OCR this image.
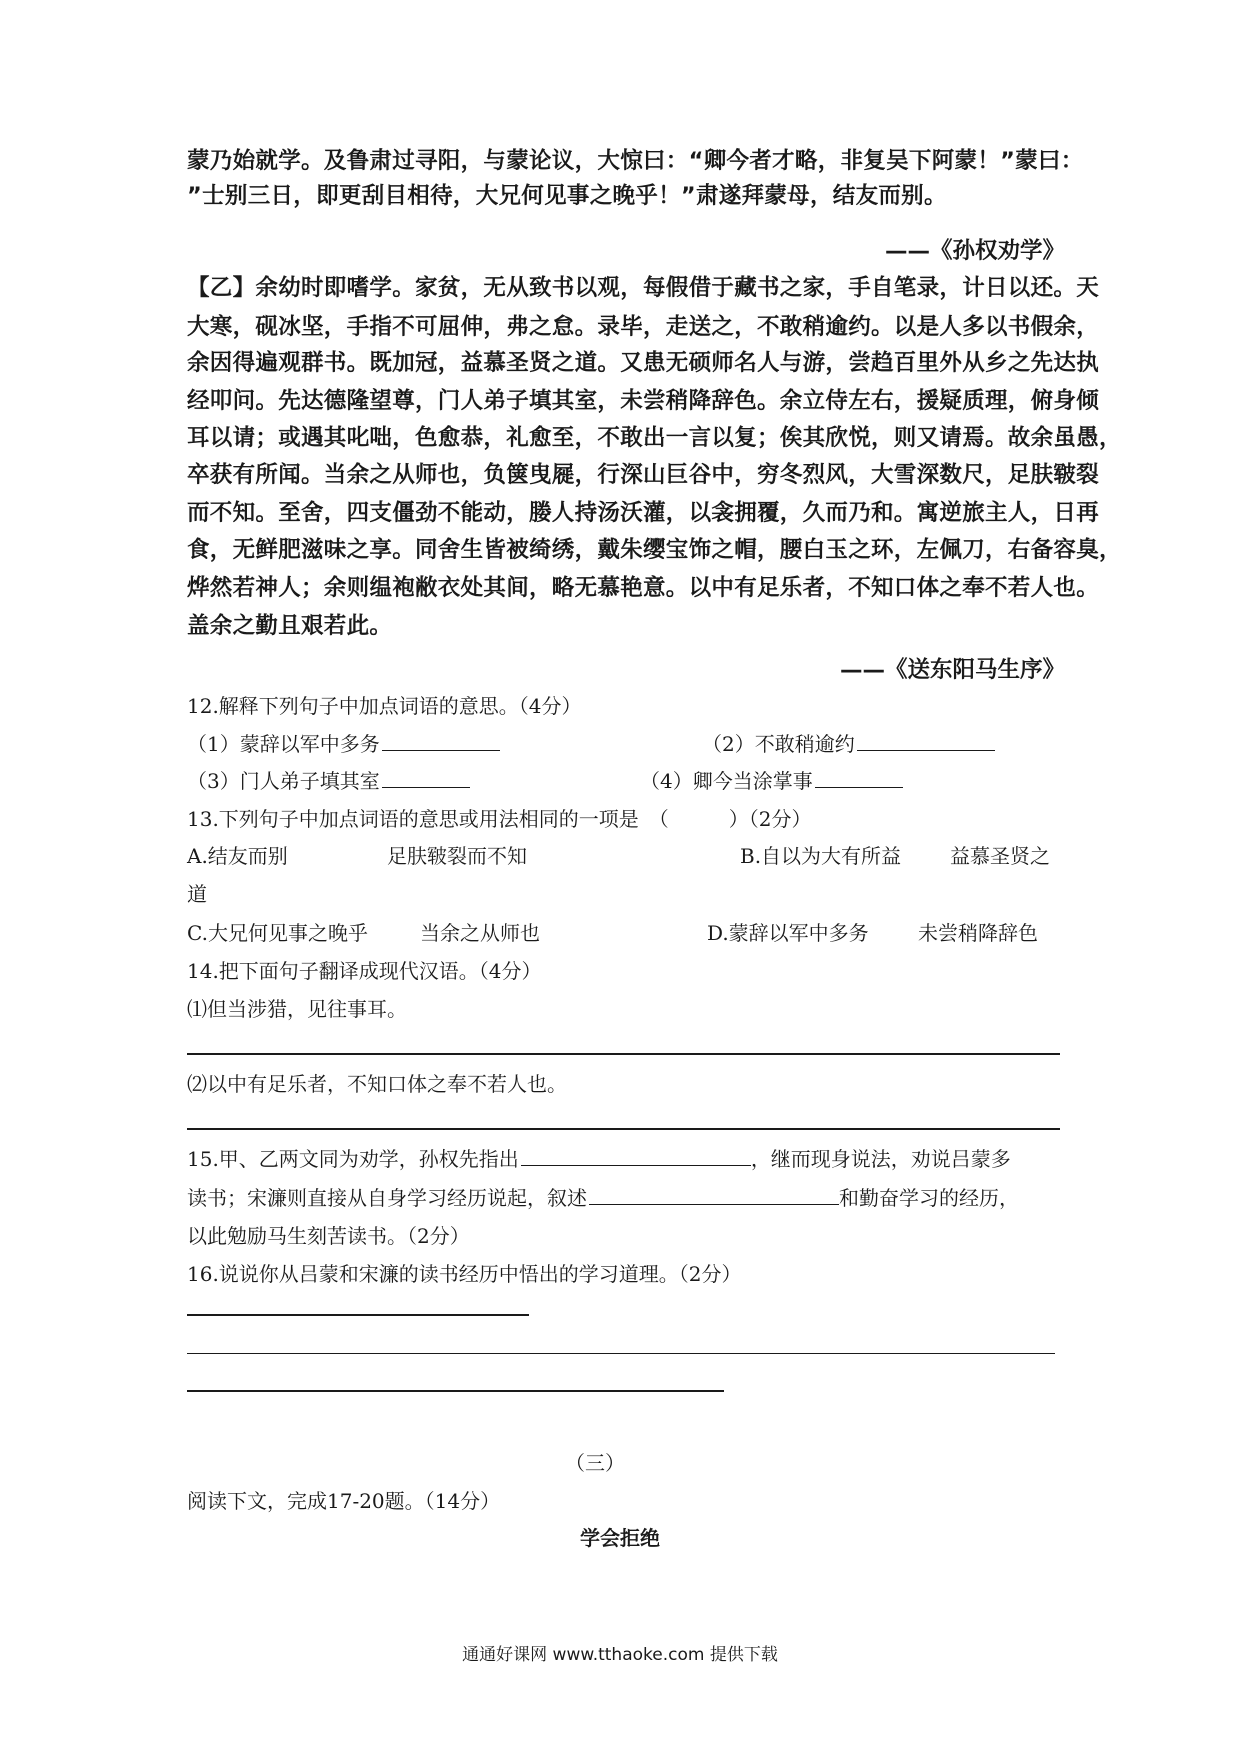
蒙乃始就学。及鲁肃过寻阳，与蒙论议，大惊曰：“卿今者才略，非复吴下阿蒙！”蒙曰：
”士别三日，即更刮目相待，大兄何见事之晚乎！”肃遂拜蒙母，结友而别。
——《孙权劝学》
【乙】余幼时即嗜学。家贫，无从致书以观，每假借于藏书之家，手自笔录，计日以还。天
大寒，砚冰坚，手指不可屈伸，弗之怠。录毕，走送之，不敢稍逾约。以是人多以书假余，
余因得遍观群书。既加冠，益慕圣贤之道。又患无硕师名人与游，尝趋百里外从乡之先达执
经叩问。先达德隆望尊，门人弟子填其室，未尝稍降辞色。余立侍左右，援疑质理，俯身倾
耳以请；或遇其叱咄，色愈恭，礼愈至，不敢出一言以复；俟其欣悦，则又请焉。故余虽愚，
卒获有所闻。当余之从师也，负箧曳屣，行深山巨谷中，穷冬烈风，大雪深数尺，足肤皲裂
而不知。至舍，四支僵劲不能动，媵人持汤沃灌，以衾拥覆，久而乃和。寓逆旅主人，日再
食，无鲜肥滋味之享。同舍生皆被绮绣，戴朱缨宝饰之帽，腰白玉之环，左佩刀，右备容臭，
烨然若神人；余则缊袍敝衣处其间，略无慕艳意。以中有足乐者，不知口体之奉不若人也。
盖余之勤且艰若此。
——《送东阳马生序》
12.解释下列句子中加点词语的意思。（4分）
（1）蒙辞以军中多务	（2）不敢稍逾约
（3）门人弟子填其室	（4）卿今当涂掌事
13.下列句子中加点词语的意思或用法相同的一项是　（　　　）（2分）
A.结友而别	足肤皲裂而不知	B.自以为大有所益 益慕圣贤之
道
C.大兄何见事之晚乎	当余之从师也	D.蒙辞以军中多务 未尝稍降辞色
14.把下面句子翻译成现代汉语。（4分）
⑴但当涉猎，见往事耳。
⑵以中有足乐者，不知口体之奉不若人也。
15.甲、乙两文同为劝学，孙权先指出	，继而现身说法，劝说吕蒙多
读书；宋濂则直接从自身学习经历说起，叙述	和勤奋学习的经历，
以此勉励马生刻苦读书。（2分）
16.说说你从吕蒙和宋濂的读书经历中悟出的学习道理。（2分）
（三）
阅读下文，完成17-20题。（14分）
学会拒绝
通通好课网 www.tthaoke.com 提供下载
